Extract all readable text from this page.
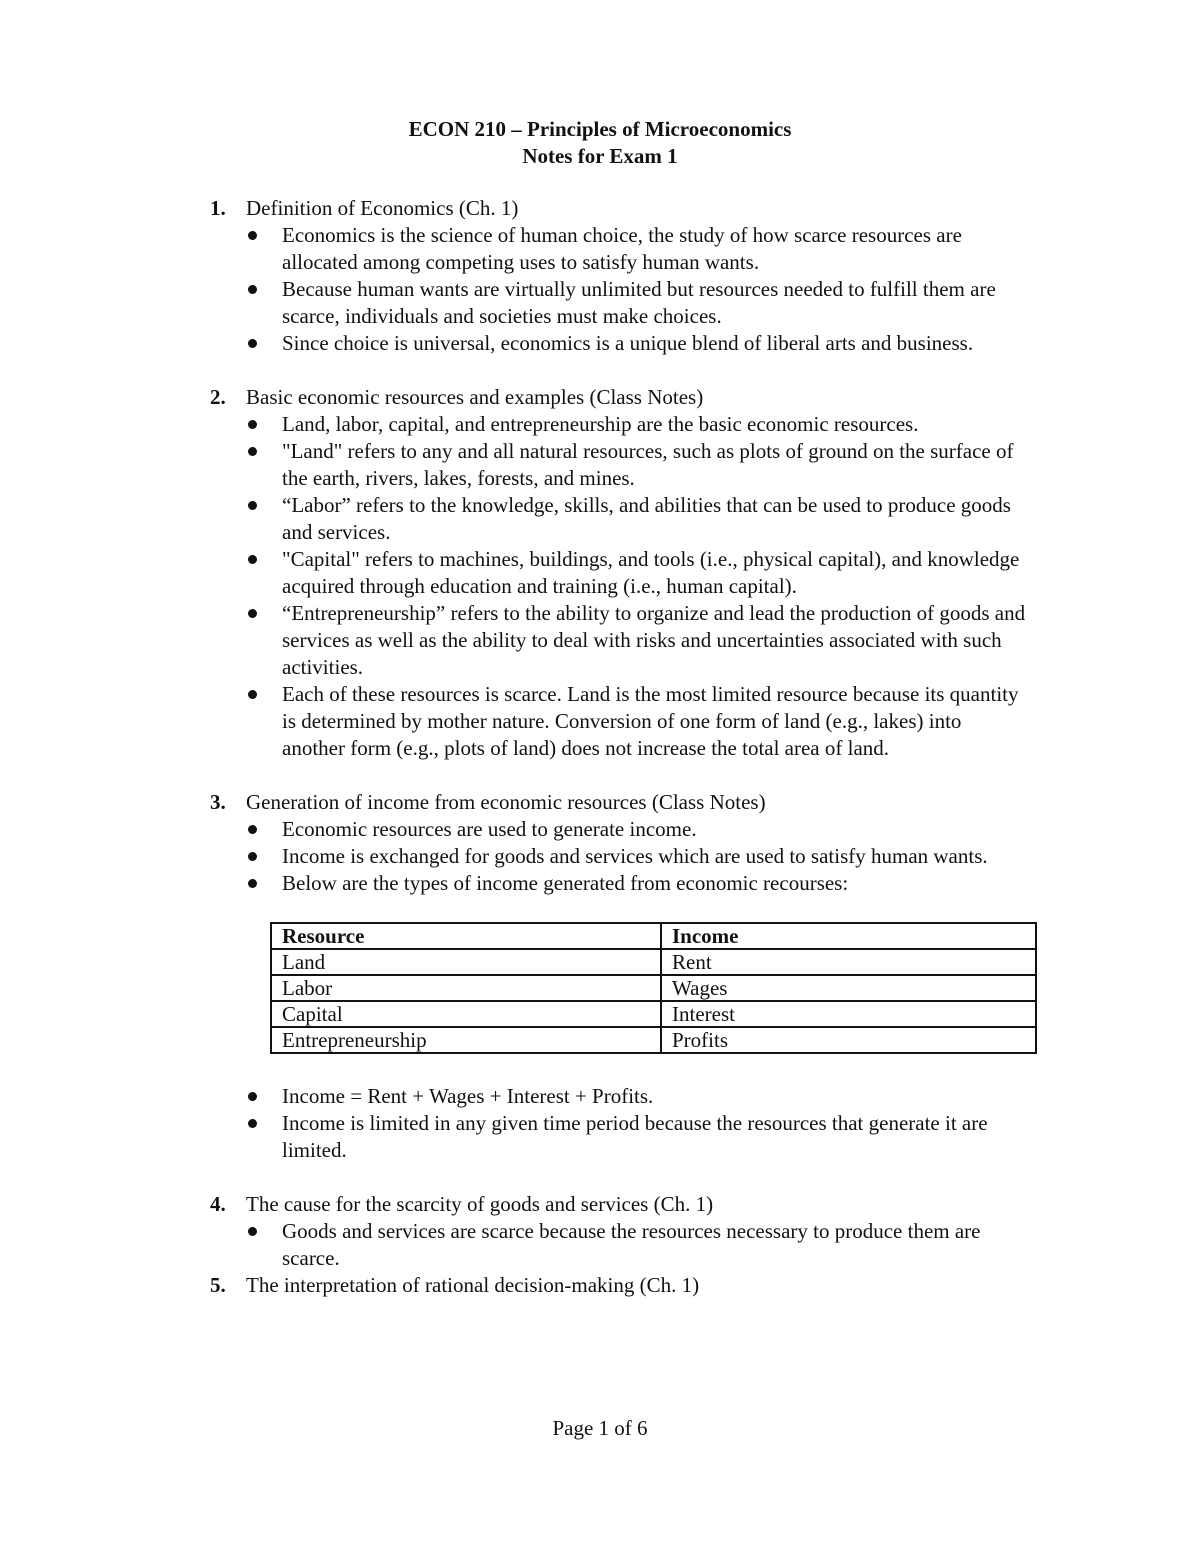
ECON 210 – Principles of Microeconomics
Notes for Exam 1
1. Definition of Economics (Ch. 1)
Economics is the science of human choice, the study of how scarce resources are allocated among competing uses to satisfy human wants.
Because human wants are virtually unlimited but resources needed to fulfill them are scarce, individuals and societies must make choices.
Since choice is universal, economics is a unique blend of liberal arts and business.
2. Basic economic resources and examples (Class Notes)
Land, labor, capital, and entrepreneurship are the basic economic resources.
"Land" refers to any and all natural resources, such as plots of ground on the surface of the earth, rivers, lakes, forests, and mines.
“Labor” refers to the knowledge, skills, and abilities that can be used to produce goods and services.
"Capital" refers to machines, buildings, and tools (i.e., physical capital), and knowledge acquired through education and training (i.e., human capital).
“Entrepreneurship” refers to the ability to organize and lead the production of goods and services as well as the ability to deal with risks and uncertainties associated with such activities.
Each of these resources is scarce. Land is the most limited resource because its quantity is determined by mother nature. Conversion of one form of land (e.g., lakes) into another form (e.g., plots of land) does not increase the total area of land.
3. Generation of income from economic resources (Class Notes)
Economic resources are used to generate income.
Income is exchanged for goods and services which are used to satisfy human wants.
Below are the types of income generated from economic recourses:
Resource	Income
Land	Rent
Labor	Wages
Capital	Interest
Entrepreneurship	Profits
Income = Rent + Wages + Interest + Profits.
Income is limited in any given time period because the resources that generate it are limited.
4. The cause for the scarcity of goods and services (Ch. 1)
Goods and services are scarce because the resources necessary to produce them are scarce.
5. The interpretation of rational decision-making (Ch. 1)
Page 1 of 6
